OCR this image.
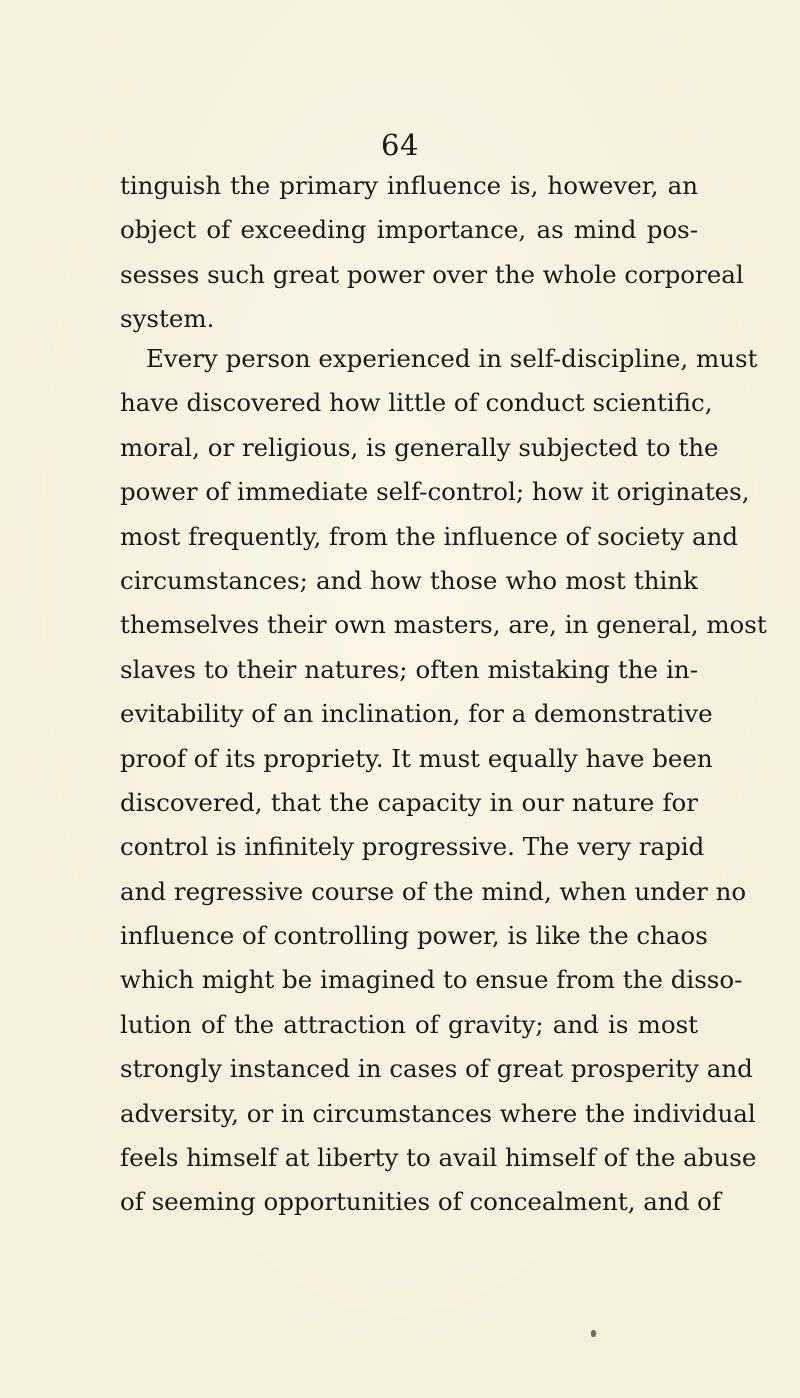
64
tinguish the primary influence is, however, an
object of exceeding importance, as mind pos-
sesses such great power over the whole corporeal
system.
Every person experienced in self-discipline, must
have discovered how little of conduct scientific,
moral, or religious, is generally subjected to the
power of immediate self-control; how it originates,
most frequently, from the influence of society and
circumstances; and how those who most think
themselves their own masters, are, in general, most
slaves to their natures; often mistaking the in-
evitability of an inclination, for a demonstrative
proof of its propriety. It must equally have been
discovered, that the capacity in our nature for
control is infinitely progressive. The very rapid
and regressive course of the mind, when under no
influence of controlling power, is like the chaos
which might be imagined to ensue from the disso-
lution of the attraction of gravity; and is most
strongly instanced in cases of great prosperity and
adversity, or in circumstances where the individual
feels himself at liberty to avail himself of the abuse
of seeming opportunities of concealment, and of
